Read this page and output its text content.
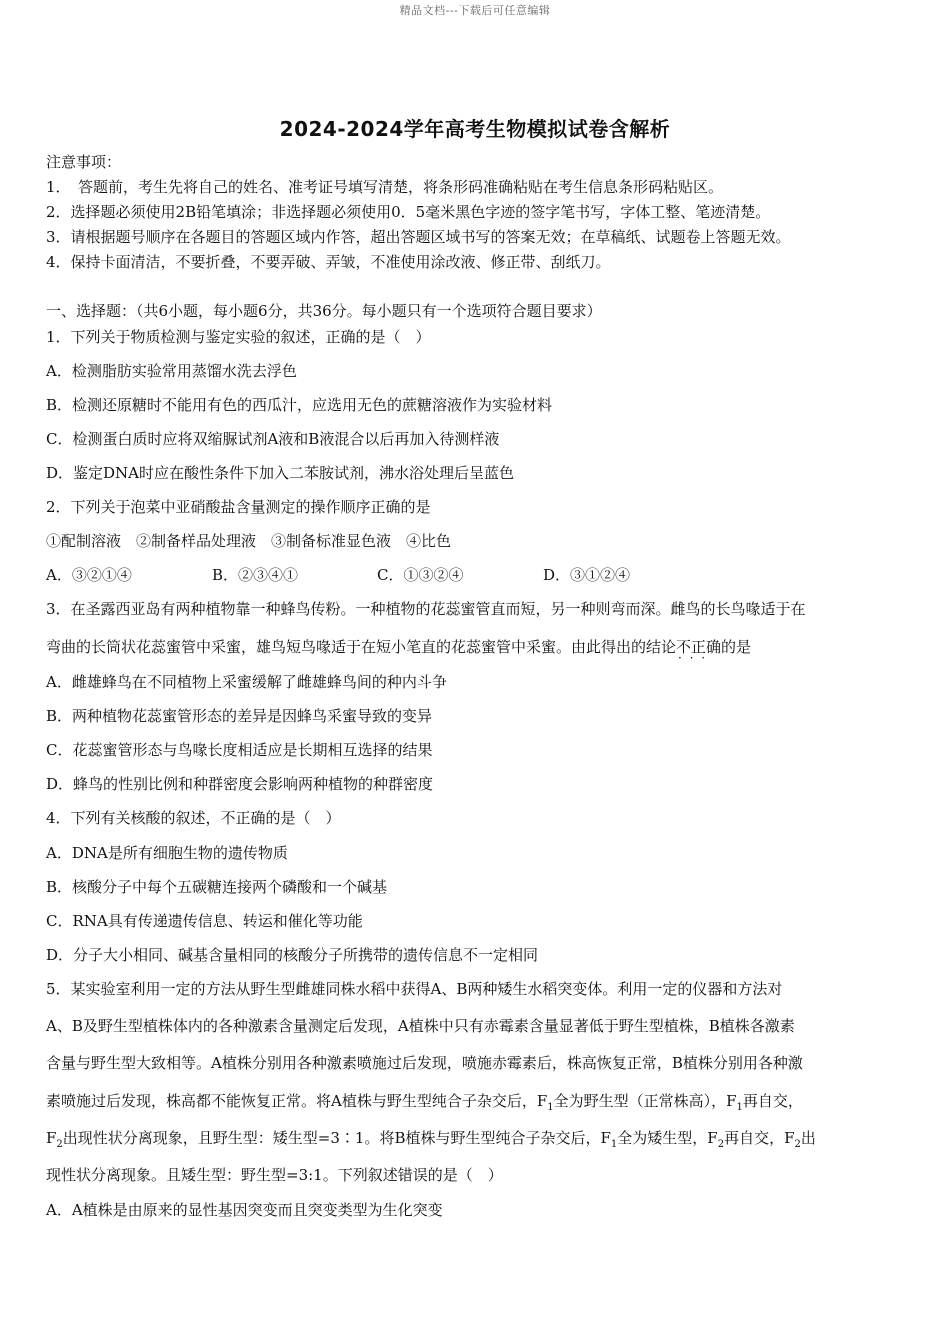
精品文档---下载后可任意编辑
2024-2024学年高考生物模拟试卷含解析
注意事项：
1．　答题前，考生先将自己的姓名、准考证号填写清楚，将条形码准确粘贴在考生信息条形码粘贴区。
2．选择题必须使用2B铅笔填涂；非选择题必须使用0．5毫米黑色字迹的签字笔书写，字体工整、笔迹清楚。
3．请根据题号顺序在各题目的答题区域内作答，超出答题区域书写的答案无效；在草稿纸、试题卷上答题无效。
4．保持卡面清洁，不要折叠，不要弄破、弄皱，不准使用涂改液、修正带、刮纸刀。
一、选择题：（共6小题，每小题6分，共36分。每小题只有一个选项符合题目要求）
1．下列关于物质检测与鉴定实验的叙述，正确的是（　）
A．检测脂肪实验常用蒸馏水洗去浮色
B．检测还原糖时不能用有色的西瓜汁，应选用无色的蔗糖溶液作为实验材料
C．检测蛋白质时应将双缩脲试剂A液和B液混合以后再加入待测样液
D．鉴定DNA时应在酸性条件下加入二苯胺试剂，沸水浴处理后呈蓝色
2．下列关于泡菜中亚硝酸盐含量测定的操作顺序正确的是
①配制溶液　②制备样品处理液　③制备标准显色液　④比色
A．③②①④	B．②③④①	C．①③②④	D．③①②④
3．在圣露西亚岛有两种植物靠一种蜂鸟传粉。一种植物的花蕊蜜管直而短，另一种则弯而深。雌鸟的长鸟喙适于在
弯曲的长筒状花蕊蜜管中采蜜，雄鸟短鸟喙适于在短小笔直的花蕊蜜管中采蜜。由此得出的结论不正确 · · ·的是
A．雌雄蜂鸟在不同植物上采蜜缓解了雌雄蜂鸟间的种内斗争
B．两种植物花蕊蜜管形态的差异是因蜂鸟采蜜导致的变异
C．花蕊蜜管形态与鸟喙长度相适应是长期相互选择的结果
D．蜂鸟的性别比例和种群密度会影响两种植物的种群密度
4．下列有关核酸的叙述，不正确的是（　）
A．DNA是所有细胞生物的遗传物质
B．核酸分子中每个五碳糖连接两个磷酸和一个碱基
C．RNA具有传递遗传信息、转运和催化等功能
D．分子大小相同、碱基含量相同的核酸分子所携带的遗传信息不一定相同
5．某实验室利用一定的方法从野生型雌雄同株水稻中获得A、B两种矮生水稻突变体。利用一定的仪器和方法对
A、B及野生型植株体内的各种激素含量测定后发现，A植株中只有赤霉素含量显著低于野生型植株，B植株各激素
含量与野生型大致相等。A植株分别用各种激素喷施过后发现，喷施赤霉素后，株高恢复正常，B植株分别用各种激
素喷施过后发现，株高都不能恢复正常。将A植株与野生型纯合子杂交后，$F_1$全为野生型（正常株高），$F_1$再自交，
$F_2$出现性状分离现象，且野生型：矮生型=3∶1。将B植株与野生型纯合子杂交后，$F_1$全为矮生型，$F_2$再自交，$F_2$出
现性状分离现象。且矮生型：野生型=3:1。下列叙述错误的是（　）
A．A植株是由原来的显性基因突变而且突变类型为生化突变
